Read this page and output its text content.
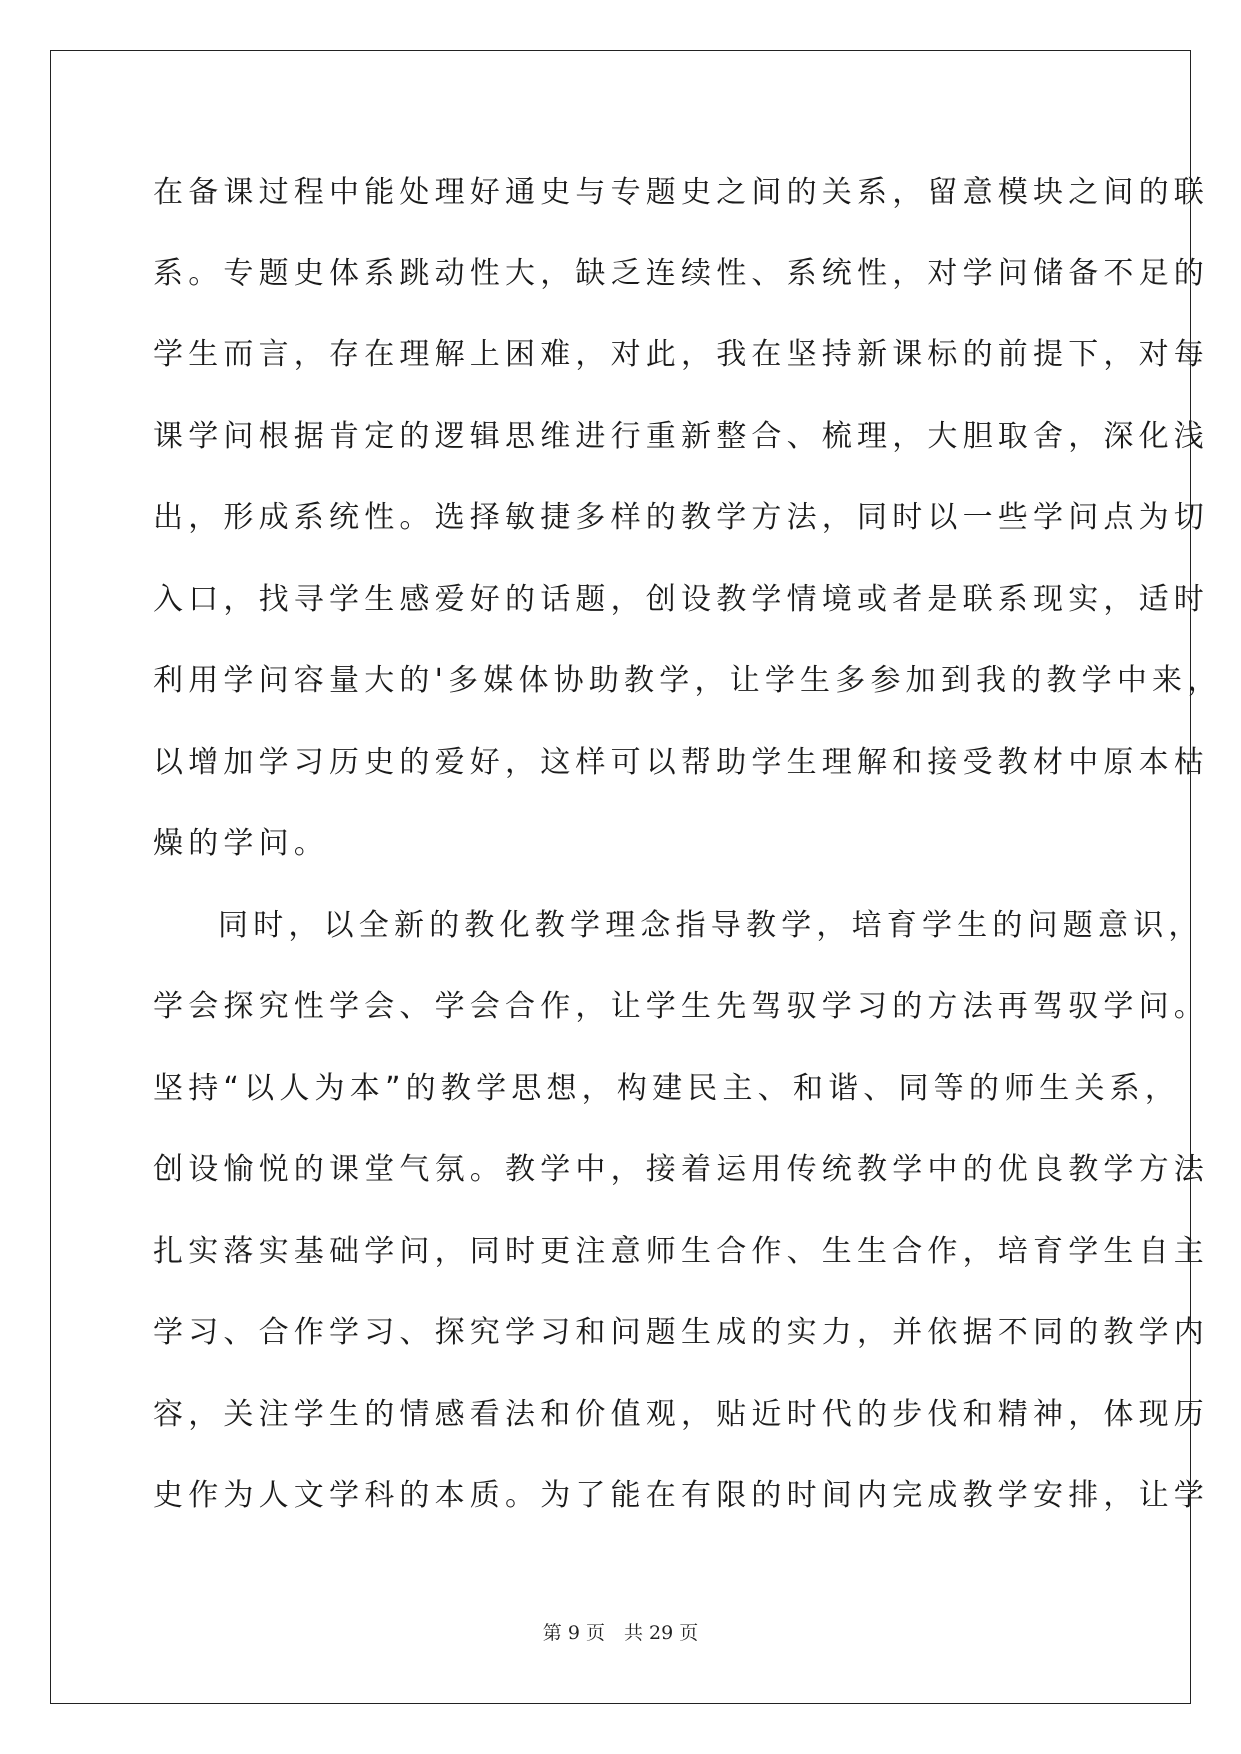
在备课过程中能处理好通史与专题史之间的关系，留意模块之间的联
系。专题史体系跳动性大，缺乏连续性、系统性，对学问储备不足的
学生而言，存在理解上困难，对此，我在坚持新课标的前提下，对每
课学问根据肯定的逻辑思维进行重新整合、梳理，大胆取舍，深化浅
出，形成系统性。选择敏捷多样的教学方法，同时以一些学问点为切
入口，找寻学生感爱好的话题，创设教学情境或者是联系现实，适时
利用学问容量大的'多媒体协助教学，让学生多参加到我的教学中来，
以增加学习历史的爱好，这样可以帮助学生理解和接受教材中原本枯
燥的学问。
同时，以全新的教化教学理念指导教学，培育学生的问题意识，
学会探究性学会、学会合作，让学生先驾驭学习的方法再驾驭学问。
坚持“以人为本”的教学思想，构建民主、和谐、同等的师生关系，
创设愉悦的课堂气氛。教学中，接着运用传统教学中的优良教学方法
扎实落实基础学问，同时更注意师生合作、生生合作，培育学生自主
学习、合作学习、探究学习和问题生成的实力，并依据不同的教学内
容，关注学生的情感看法和价值观，贴近时代的步伐和精神，体现历
史作为人文学科的本质。为了能在有限的时间内完成教学安排，让学
第 9 页　共 29 页
